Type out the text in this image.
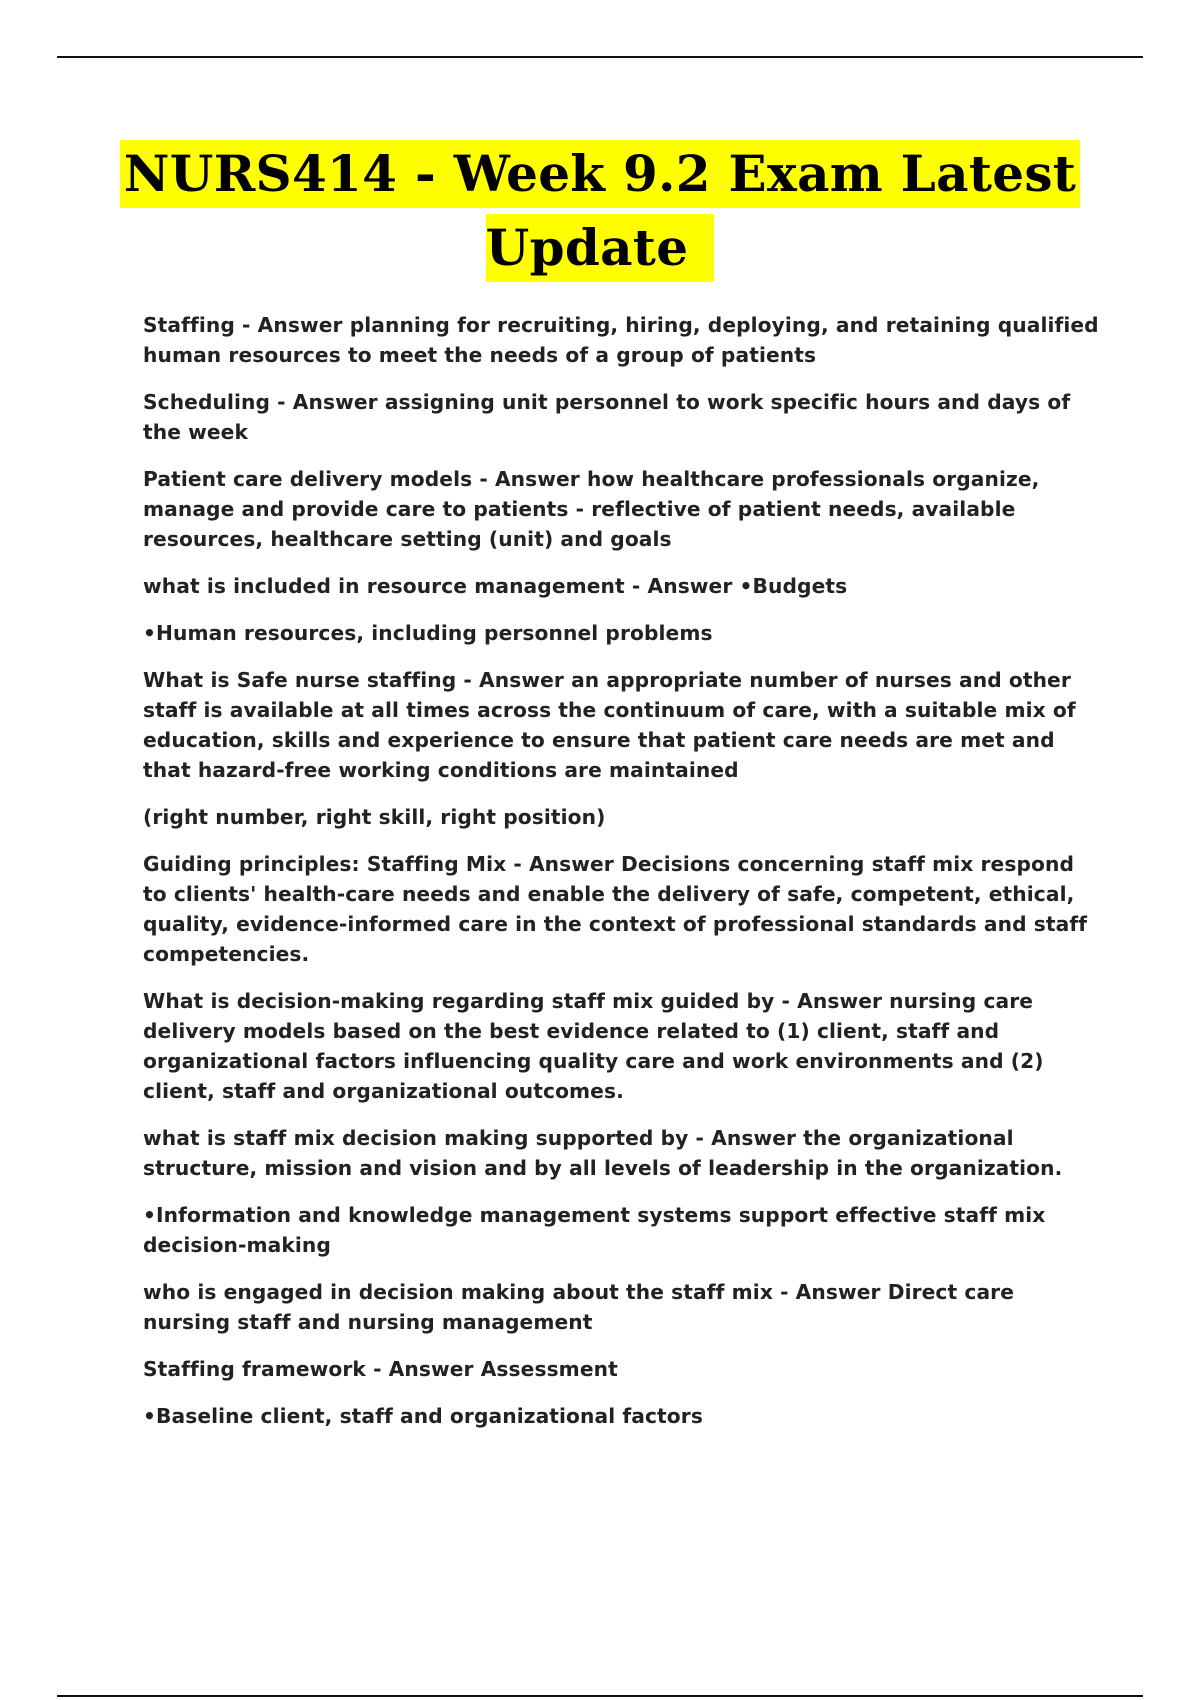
NURS414 - Week 9.2 Exam Latest
Update

Staffing - Answer planning for recruiting, hiring, deploying, and retaining qualified human resources to meet the needs of a group of patients

Scheduling - Answer assigning unit personnel to work specific hours and days of the week

Patient care delivery models - Answer how healthcare professionals organize, manage and provide care to patients - reflective of patient needs, available resources, healthcare setting (unit) and goals

what is included in resource management - Answer •Budgets

•Human resources, including personnel problems

What is Safe nurse staffing - Answer an appropriate number of nurses and other staff is available at all times across the continuum of care, with a suitable mix of education, skills and experience to ensure that patient care needs are met and that hazard-free working conditions are maintained

(right number, right skill, right position)

Guiding principles: Staffing Mix - Answer Decisions concerning staff mix respond to clients' health-care needs and enable the delivery of safe, competent, ethical, quality, evidence-informed care in the context of professional standards and staff competencies.

What is decision-making regarding staff mix guided by - Answer nursing care delivery models based on the best evidence related to (1) client, staff and organizational factors influencing quality care and work environments and (2) client, staff and organizational outcomes.

what is staff mix decision making supported by - Answer the organizational structure, mission and vision and by all levels of leadership in the organization.

•Information and knowledge management systems support effective staff mix decision-making

who is engaged in decision making about the staff mix - Answer Direct care nursing staff and nursing management

Staffing framework - Answer Assessment

•Baseline client, staff and organizational factors
